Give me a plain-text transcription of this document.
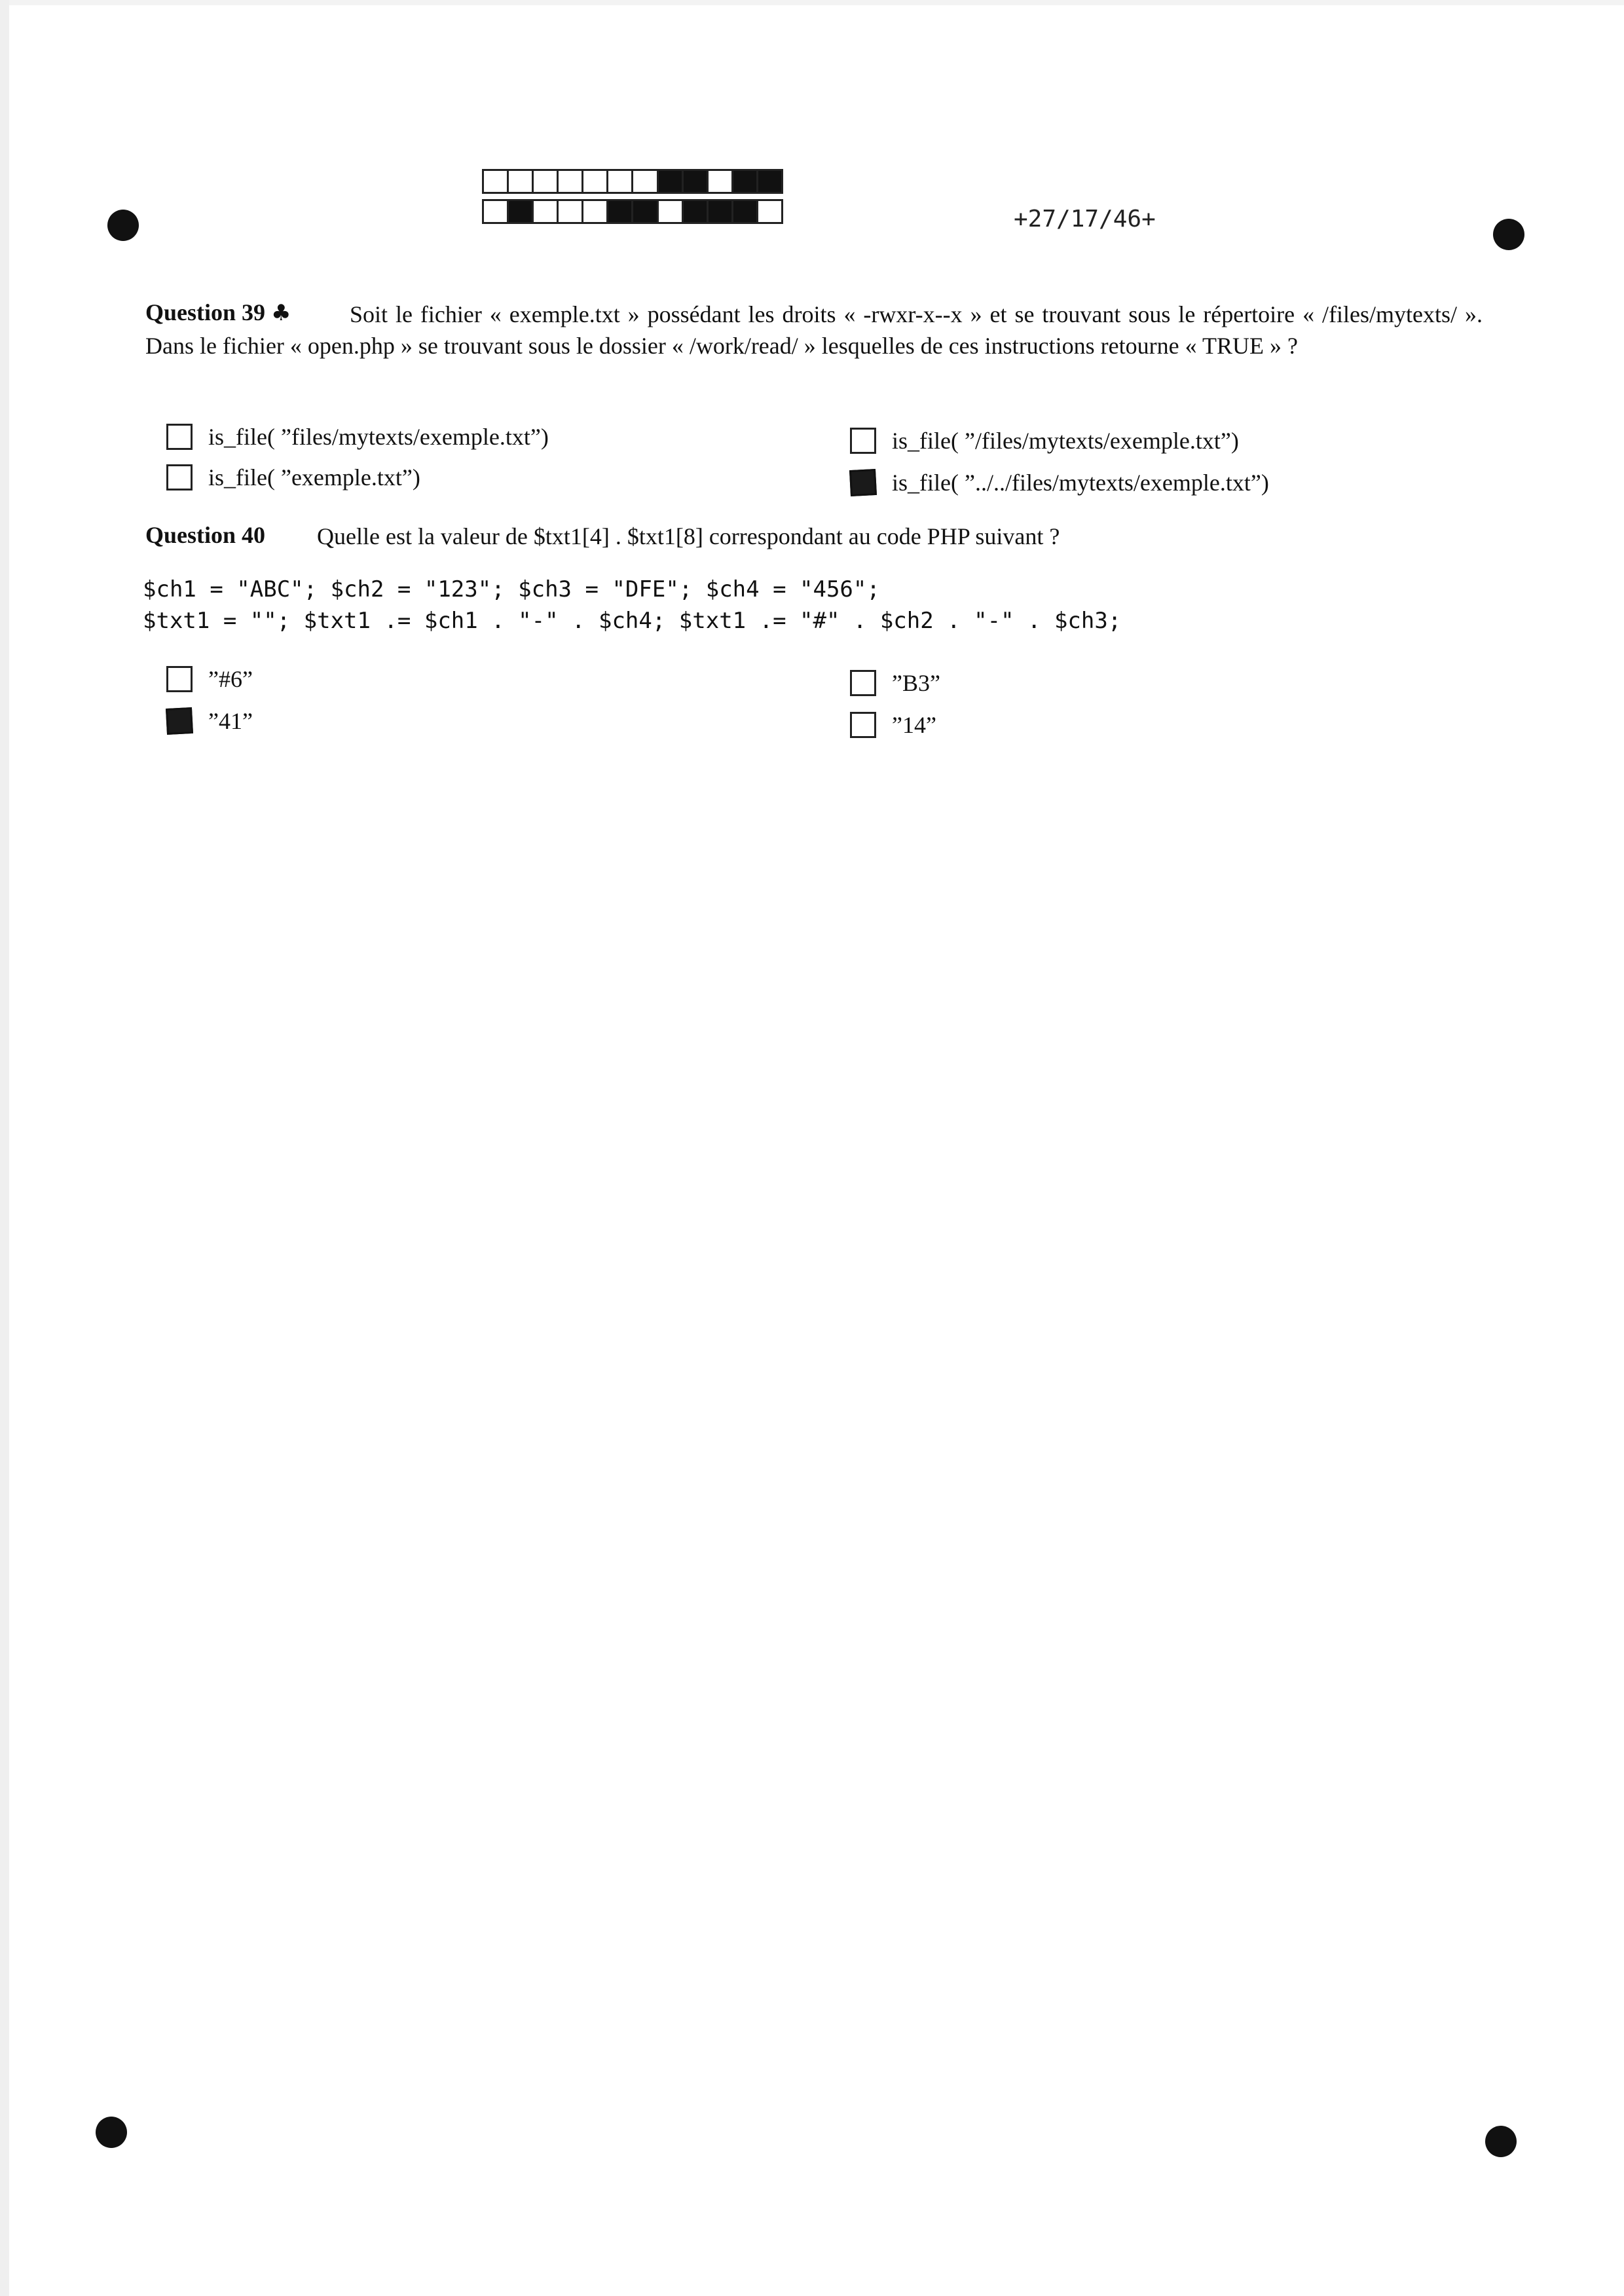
+27/17/46+
Question 39 ♣	Soit le fichier « exemple.txt » possédant les droits « -rwxr-x--x » et se trouvant sous le répertoire « /files/mytexts/ ». Dans le fichier « open.php » se trouvant sous le dossier « /work/read/ » lesquelles de ces instructions retourne « TRUE » ?
is_file( ”files/mytexts/exemple.txt”)
is_file( ”exemple.txt”)
is_file( ”/files/mytexts/exemple.txt”)
is_file( ”../../files/mytexts/exemple.txt”)
Question 40 Quelle est la valeur de $txt1[4] . $txt1[8] correspondant au code PHP suivant ?
$ch1 = "ABC"; $ch2 = "123"; $ch3 = "DFE"; $ch4 = "456";
$txt1 = ""; $txt1 .= $ch1 . "-" . $ch4; $txt1 .= "#" . $ch2 . "-" . $ch3;
”#6”
”41”
”B3”
”14”
